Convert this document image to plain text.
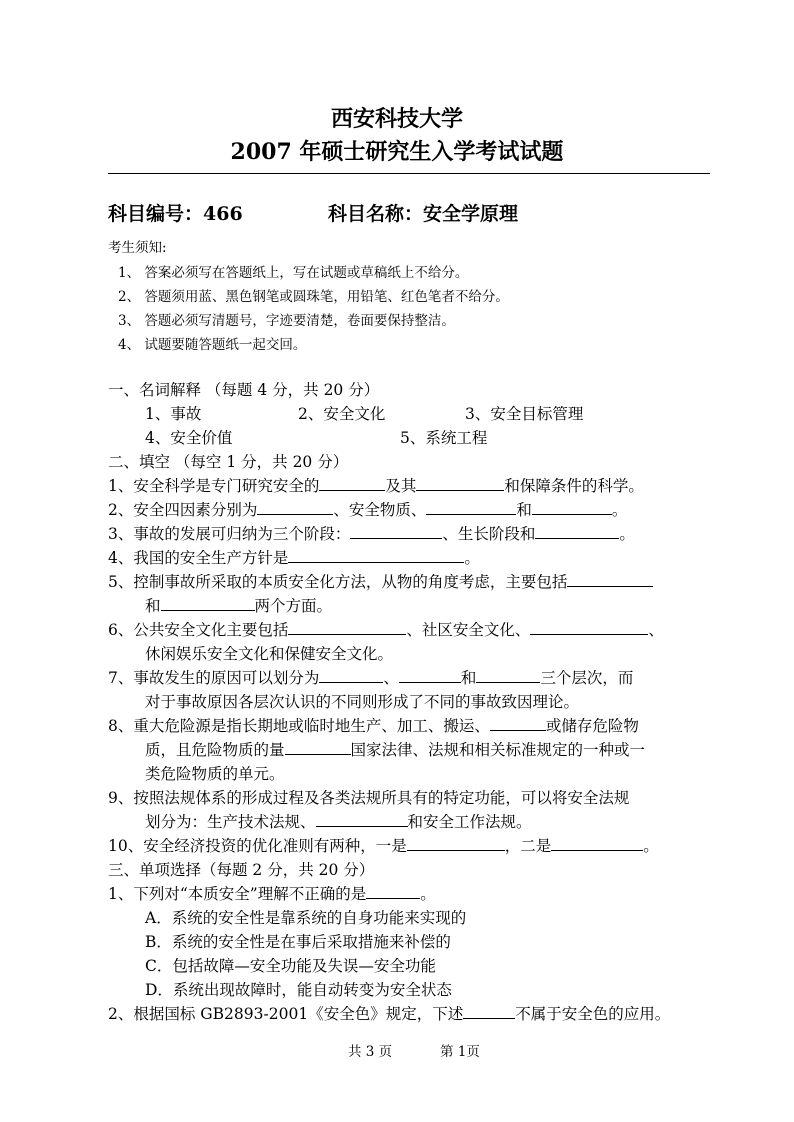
西安科技大学
2007 年硕士研究生入学考试试题
科目编号：466	科目名称：安全学原理
考生须知:
1、 答案必须写在答题纸上，写在试题或草稿纸上不给分。
2、 答题须用蓝、黑色钢笔或圆珠笔，用铅笔、红色笔者不给分。
3、 答题必须写清题号，字迹要清楚，卷面要保持整洁。
4、 试题要随答题纸一起交回。
一、名词解释 （每题 4 分，共 20 分）
1、事故	2、安全文化	3、安全目标管理
4、安全价值	5、系统工程
二、填空 （每空 1 分，共 20 分）
1、安全科学是专门研究安全的	及其	和保障条件的科学。
2、安全四因素分别为	、安全物质、	和	。
3、事故的发展可归纳为三个阶段：	、生长阶段和	。
4、我国的安全生产方针是	。
5、控制事故所采取的本质安全化方法，从物的角度考虑，主要包括
和	两个方面。
6、公共安全文化主要包括	、社区安全文化、	、
休闲娱乐安全文化和保健安全文化。
7、事故发生的原因可以划分为	、	和	三个层次，而
对于事故原因各层次认识的不同则形成了不同的事故致因理论。
8、重大危险源是指长期地或临时地生产、加工、搬运、	或储存危险物
质，且危险物质的量	国家法律、法规和相关标准规定的一种或一
类危险物质的单元。
9、按照法规体系的形成过程及各类法规所具有的特定功能，可以将安全法规
划分为：生产技术法规、	和安全工作法规。
10、安全经济投资的优化准则有两种，一是	，二是	。
三、单项选择（每题 2 分，共 20 分）
1、下列对“本质安全”理解不正确的是	。
A．系统的安全性是靠系统的自身功能来实现的
B．系统的安全性是在事后采取措施来补偿的
C．包括故障—安全功能及失误—安全功能
D．系统出现故障时，能自动转变为安全状态
2、根据国标 GB2893-2001《安全色》规定，下述	不属于安全色的应用。
共 3 页	第 1页
